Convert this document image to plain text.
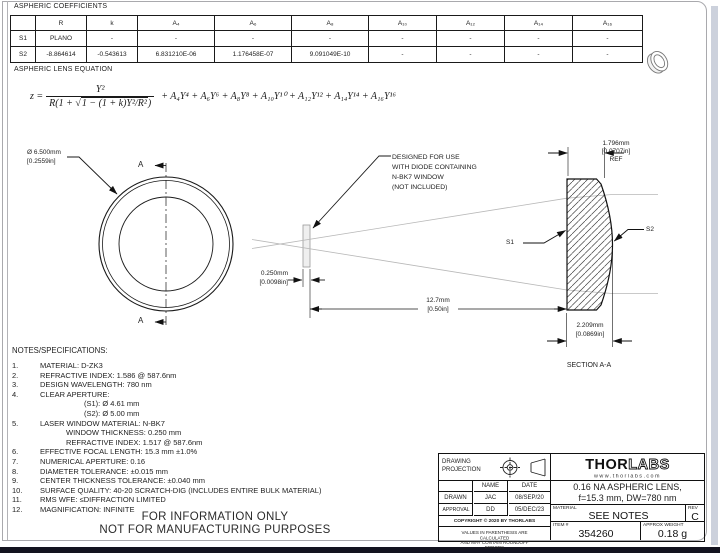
ASPHERIC COEFFICIENTS
	R	k	A₄	A₆	A₈	A₁₀	A₁₂	A₁₄	A₁₆
S1	PLANO	-	-	-	-	-	-	-	-
S2	-8.864614	-0.543613	6.831210E-06	1.176458E-07	9.091049E-10	-	-	-	-
ASPHERIC LENS EQUATION
$z = \frac{\text{Y²}}{\text{R(1 + √1 − (1 + k)Y²/R²)}} + A_4Y^4 + A_6Y^6 + A_8Y^8 + A_{10}Y^{10} + A_{12}Y^{12} + A_{14}Y^{14} + A_{16}Y^{16}$
Ø 6.500mm
[0.2559in]	A
A
DESIGNED FOR USE
WITH DIODE CONTAINING
N-BK7 WINDOW
(NOT INCLUDED)
0.250mm
[0.0098in]
12.7mm
[0.50in]
1.796mm
[0.0707in]
REF
2.209mm
[0.0869in]
S1
S2
SECTION A-A
NOTES/SPECIFICATIONS:
1.	MATERIAL: D-ZK3
2.	REFRACTIVE INDEX: 1.586 @ 587.6nm
3.	DESIGN WAVELENGTH: 780 nm
4.	CLEAR APERTURE:
(S1): Ø 4.61 mm
(S2): Ø 5.00 mm
5.	LASER WINDOW MATERIAL: N-BK7
WINDOW THICKNESS: 0.250 mm
REFRACTIVE INDEX: 1.517 @ 587.6nm
6.	EFFECTIVE FOCAL LENGTH: 15.3 mm ±1.0%
7.	NUMERICAL APERTURE: 0.16
8.	DIAMETER TOLERANCE: ±0.015 mm
9.	CENTER THICKNESS TOLERANCE: ±0.040 mm
10. SURFACE QUALITY: 40-20 SCRATCH-DIG (INCLUDES ENTIRE BULK MATERIAL)
11. RMS WFE: ≤DIFFRACTION LIMITED
12. MAGNIFICATION: INFINITE
FOR INFORMATION ONLY
NOT FOR MANUFACTURING PURPOSES
DRAWING
PROJECTION
NAME	DATE
DRAWN	JAC	08/SEP/20
APPROVAL	DD	05/DEC/23
COPYRIGHT © 2020 BY THORLABS
VALUES IN PARENTHESIS ARE CALCULATED
AND MAY CONTAIN ROUNDOFF ERRORS
THORLABS
www.thorlabs.com
0.16 NA ASPHERIC LENS,
f=15.3 mm, DW=780 nm
MATERIAL
SEE NOTES
REV
C
ITEM #
354260
APPROX WEIGHT
0.18 g
